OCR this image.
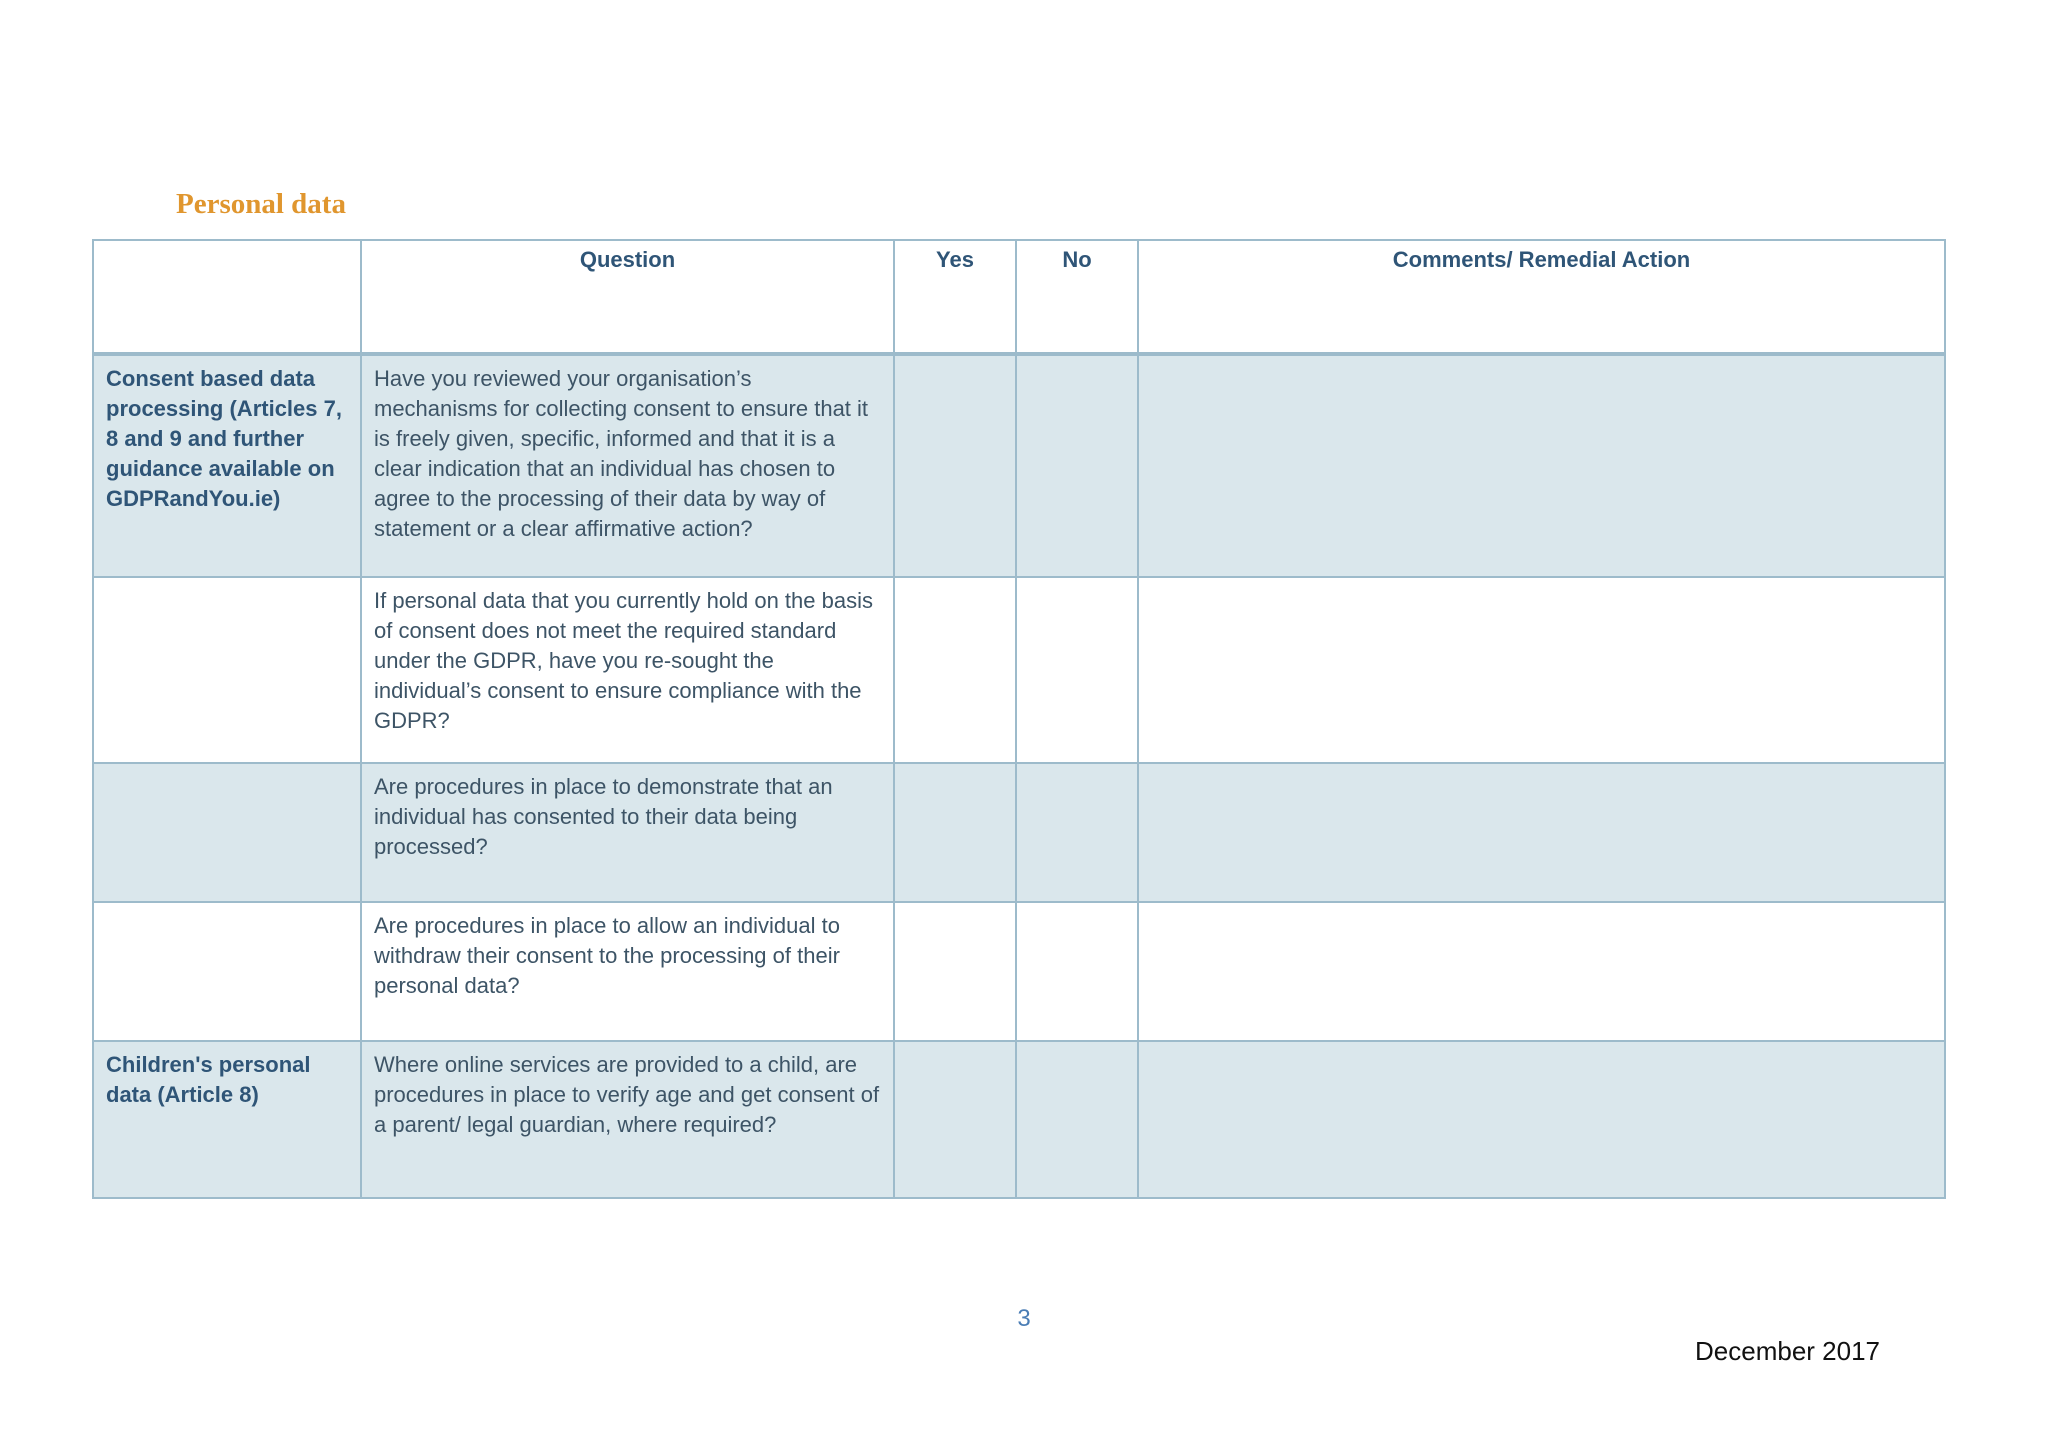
Personal data
	Question	Yes	No	Comments/ Remedial Action
Consent based data processing (Articles 7, 8 and 9 and further guidance available on GDPRandYou.ie)	Have you reviewed your organisation’s mechanisms for collecting consent to ensure that it is freely given, specific, informed and that it is a clear indication that an individual has chosen to agree to the processing of their data by way of statement or a clear affirmative action?			
	If personal data that you currently hold on the basis of consent does not meet the required standard under the GDPR, have you re-sought the individual’s consent to ensure compliance with the GDPR?			
	Are procedures in place to demonstrate that an individual has consented to their data being processed?			
	Are procedures in place to allow an individual to withdraw their consent to the processing of their personal data?			
Children's personal data (Article 8)	Where online services are provided to a child, are procedures in place to verify age and get consent of a parent/ legal guardian, where required?			

3

December 2017
